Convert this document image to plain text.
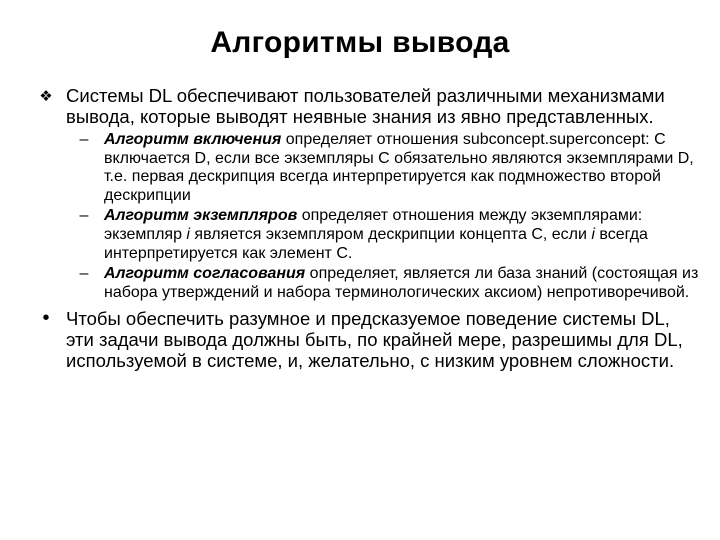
Алгоритмы вывода
❖ Системы DL обеспечивают пользователей различными механизмами вывода, которые выводят неявные знания из явно представленных.
– Алгоритм включения определяет отношения subconcept.superconcept: C включается D, если все экземпляры C обязательно являются экземплярами D, т.е. первая дескрипция всегда интерпретируется как подмножество второй дескрипции
– Алгоритм экземпляров определяет отношения между экземплярами: экземпляр i является экземпляром дескрипции концепта C, если i всегда интерпретируется как элемент C.
– Алгоритм согласования определяет, является ли база знаний (состоящая из набора утверждений и набора терминологических аксиом) непротиворечивой.
• Чтобы обеспечить разумное и предсказуемое поведение системы DL, эти задачи вывода должны быть, по крайней мере, разрешимы для DL, используемой в системе, и, желательно, с низким уровнем сложности.
